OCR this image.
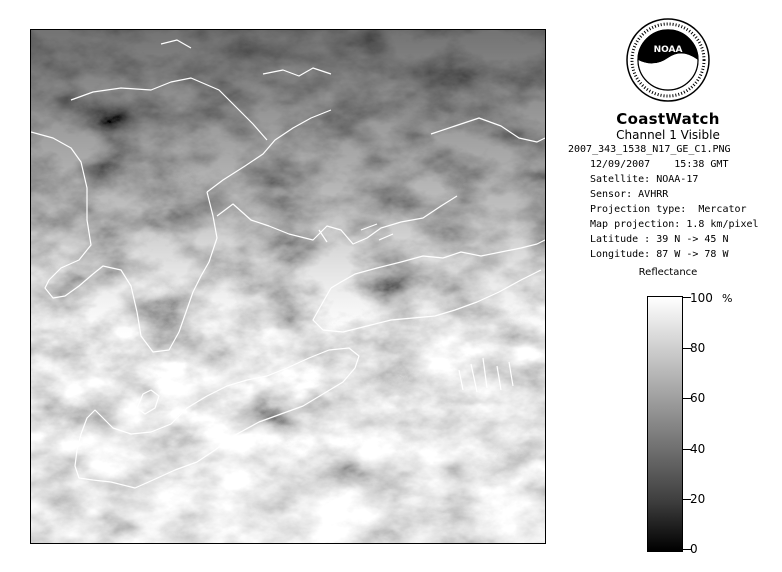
NOAA
CoastWatch
Channel 1 Visible
2007_343_1538_N17_GE_C1.PNG
12/09/2007    15:38 GMT
Satellite: NOAA-17
Sensor: AVHRR
Projection type:  Mercator
Map projection: 1.8 km/pixel
Latitude : 39 N -> 45 N
Longitude: 87 W -> 78 W
Reflectance
%
100
80
60
40
20
0
